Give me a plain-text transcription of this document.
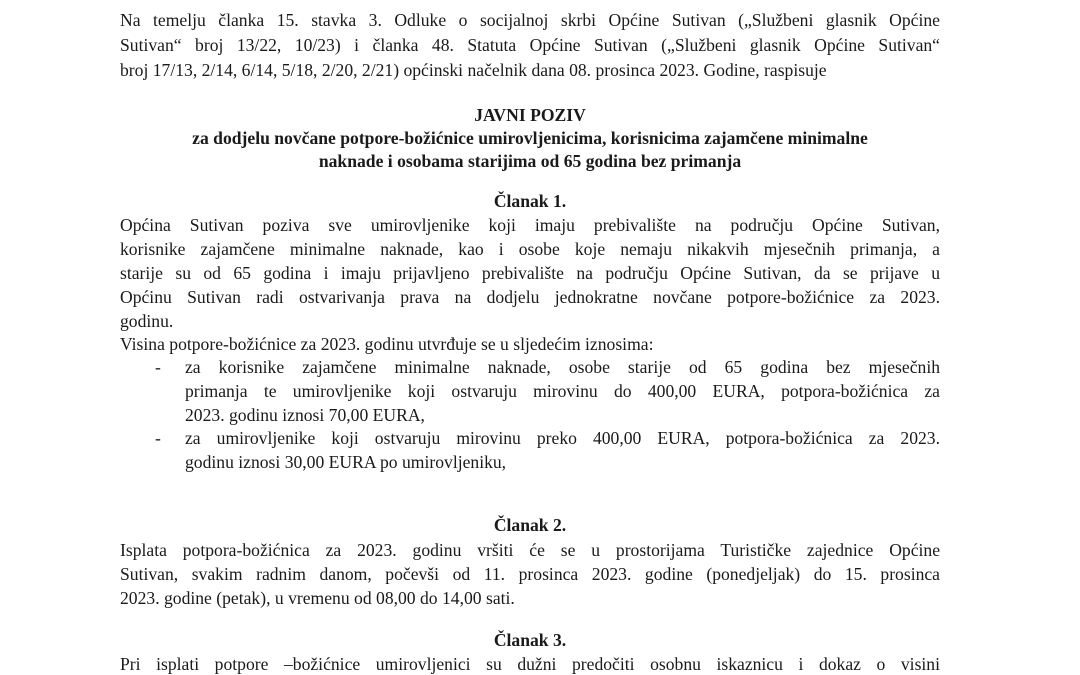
Na temelju članka 15. stavka 3. Odluke o socijalnoj skrbi Općine Sutivan („Službeni glasnik Općine
Sutivan“ broj 13/22, 10/23) i članka 48. Statuta Općine Sutivan („Službeni glasnik Općine Sutivan“
broj 17/13, 2/14, 6/14, 5/18, 2/20, 2/21) općinski načelnik dana 08. prosinca 2023. Godine, raspisuje
JAVNI POZIV
za dodjelu novčane potpore-božićnice umirovljenicima, korisnicima zajamčene minimalne
naknade i osobama starijima od 65 godina bez primanja
Članak 1.
Općina Sutivan poziva sve umirovljenike koji imaju prebivalište na području Općine Sutivan,
korisnike zajamčene minimalne naknade, kao i osobe koje nemaju nikakvih mjesečnih primanja, a
starije su od 65 godina i imaju prijavljeno prebivalište na području Općine Sutivan, da se prijave u
Općinu Sutivan radi ostvarivanja prava na dodjelu jednokratne novčane potpore-božićnice za 2023.
godinu.
Visina potpore-božićnice za 2023. godinu utvrđuje se u sljedećim iznosima:
- za korisnike zajamčene minimalne naknade, osobe starije od 65 godina bez mjesečnih
primanja te umirovljenike koji ostvaruju mirovinu do 400,00 EURA, potpora-božićnica za
2023. godinu iznosi 70,00 EURA,
- za umirovljenike koji ostvaruju mirovinu preko 400,00 EURA, potpora-božićnica za 2023.
godinu iznosi 30,00 EURA po umirovljeniku,
Članak 2.
Isplata potpora-božićnica za 2023. godinu vršiti će se u prostorijama Turističke zajednice Općine
Sutivan, svakim radnim danom, počevši od 11. prosinca 2023. godine (ponedjeljak) do 15. prosinca
2023. godine (petak), u vremenu od 08,00 do 14,00 sati.
Članak 3.
Pri isplati potpore –božićnice umirovljenici su dužni predočiti osobnu iskaznicu i dokaz o visini
